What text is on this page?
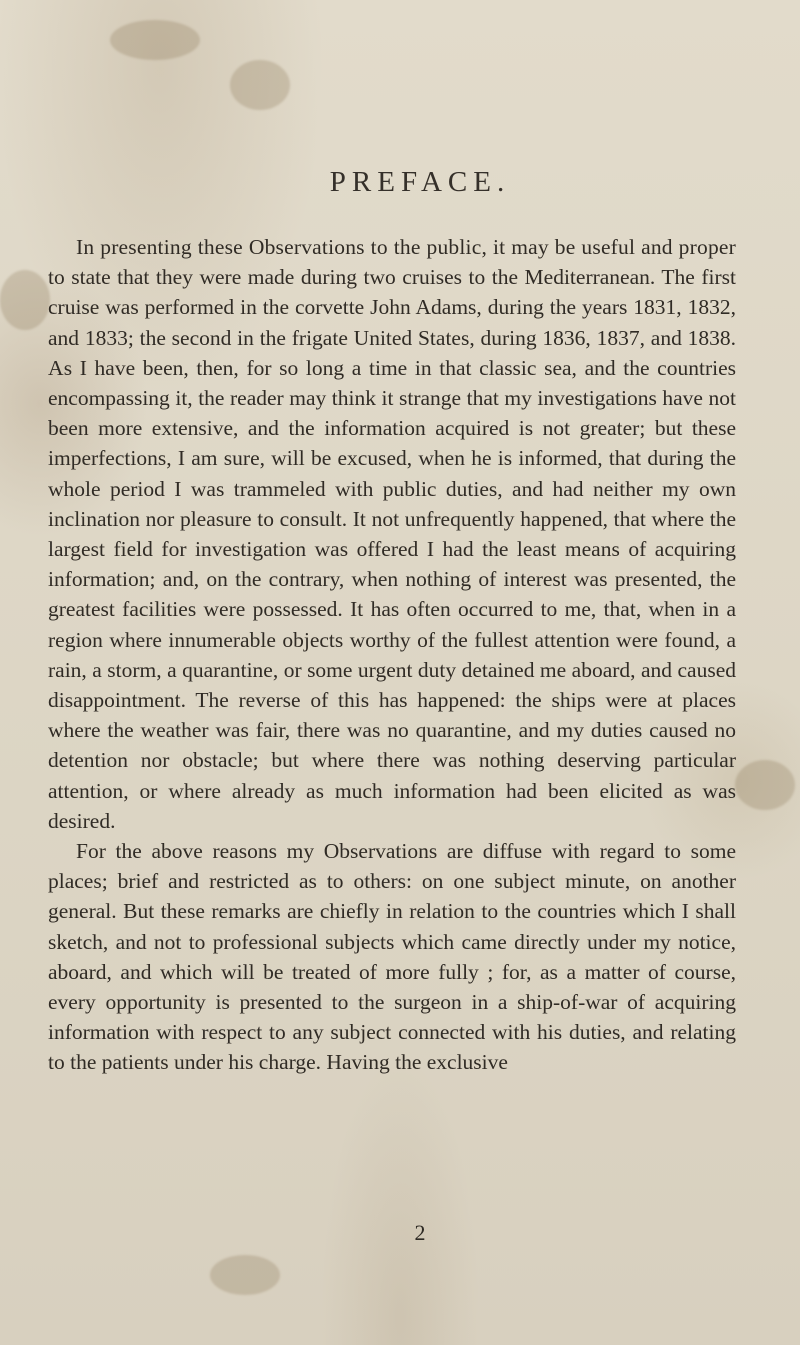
PREFACE.

In presenting these Observations to the public, it may be useful and proper to state that they were made during two cruises to the Mediterranean. The first cruise was performed in the corvette John Adams, during the years 1831, 1832, and 1833; the second in the frigate United States, during 1836, 1837, and 1838. As I have been, then, for so long a time in that classic sea, and the countries encompassing it, the reader may think it strange that my investigations have not been more extensive, and the information acquired is not greater; but these imperfections, I am sure, will be excused, when he is informed, that during the whole period I was trammeled with public duties, and had neither my own inclination nor pleasure to consult. It not unfrequently happened, that where the largest field for investigation was offered I had the least means of acquiring information; and, on the contrary, when nothing of interest was presented, the greatest facilities were possessed. It has often occurred to me, that, when in a region where innumerable objects worthy of the fullest attention were found, a rain, a storm, a quarantine, or some urgent duty detained me aboard, and caused disappointment. The reverse of this has happened: the ships were at places where the weather was fair, there was no quarantine, and my duties caused no detention nor obstacle; but where there was nothing deserving particular attention, or where already as much information had been elicited as was desired.

For the above reasons my Observations are diffuse with regard to some places; brief and restricted as to others: on one subject minute, on another general. But these remarks are chiefly in relation to the countries which I shall sketch, and not to professional subjects which came directly under my notice, aboard, and which will be treated of more fully ; for, as a matter of course, every opportunity is presented to the surgeon in a ship-of-war of acquiring information with respect to any subject connected with his duties, and relating to the patients under his charge. Having the exclusive

2
